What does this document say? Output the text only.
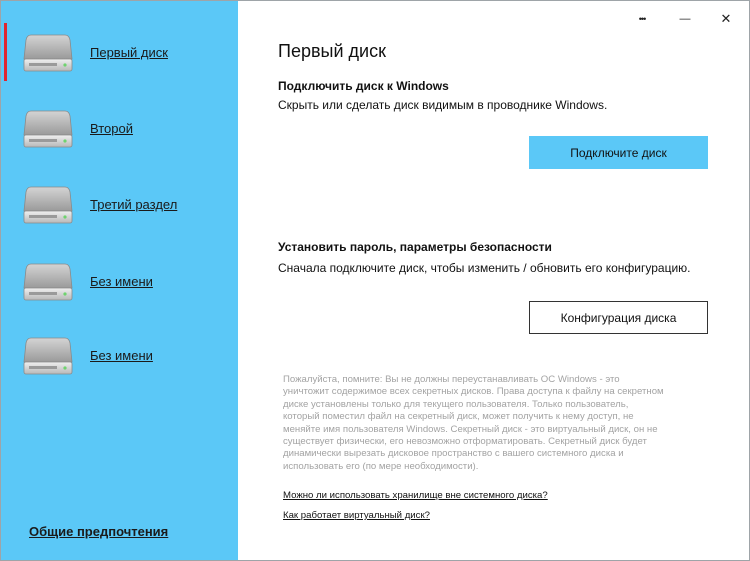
Первый диск
Второй
Третий раздел
Без имени
Без имени
Общие предпочтения
•••	— ✕
Первый диск
Подключить диск к Windows
Скрыть или сделать диск видимым в проводнике Windows.
Подключите диск
Установить пароль, параметры безопасности
Сначала подключите диск, чтобы изменить / обновить его конфигурацию.
Конфигурация диска
Пожалуйста, помните: Вы не должны переустанавливать ОС Windows - это
уничтожит содержимое всех секретных дисков. Права доступа к файлу на секретном
диске установлены только для текущего пользователя. Только пользователь,
который поместил файл на секретный диск, может получить к нему доступ, не
меняйте имя пользователя Windows. Секретный диск - это виртуальный диск, он не
существует физически, его невозможно отформатировать. Секретный диск будет
динамически вырезать дисковое пространство с вашего системного диска и
использовать его (по мере необходимости).
Можно ли использовать хранилище вне системного диска?
Как работает виртуальный диск?
